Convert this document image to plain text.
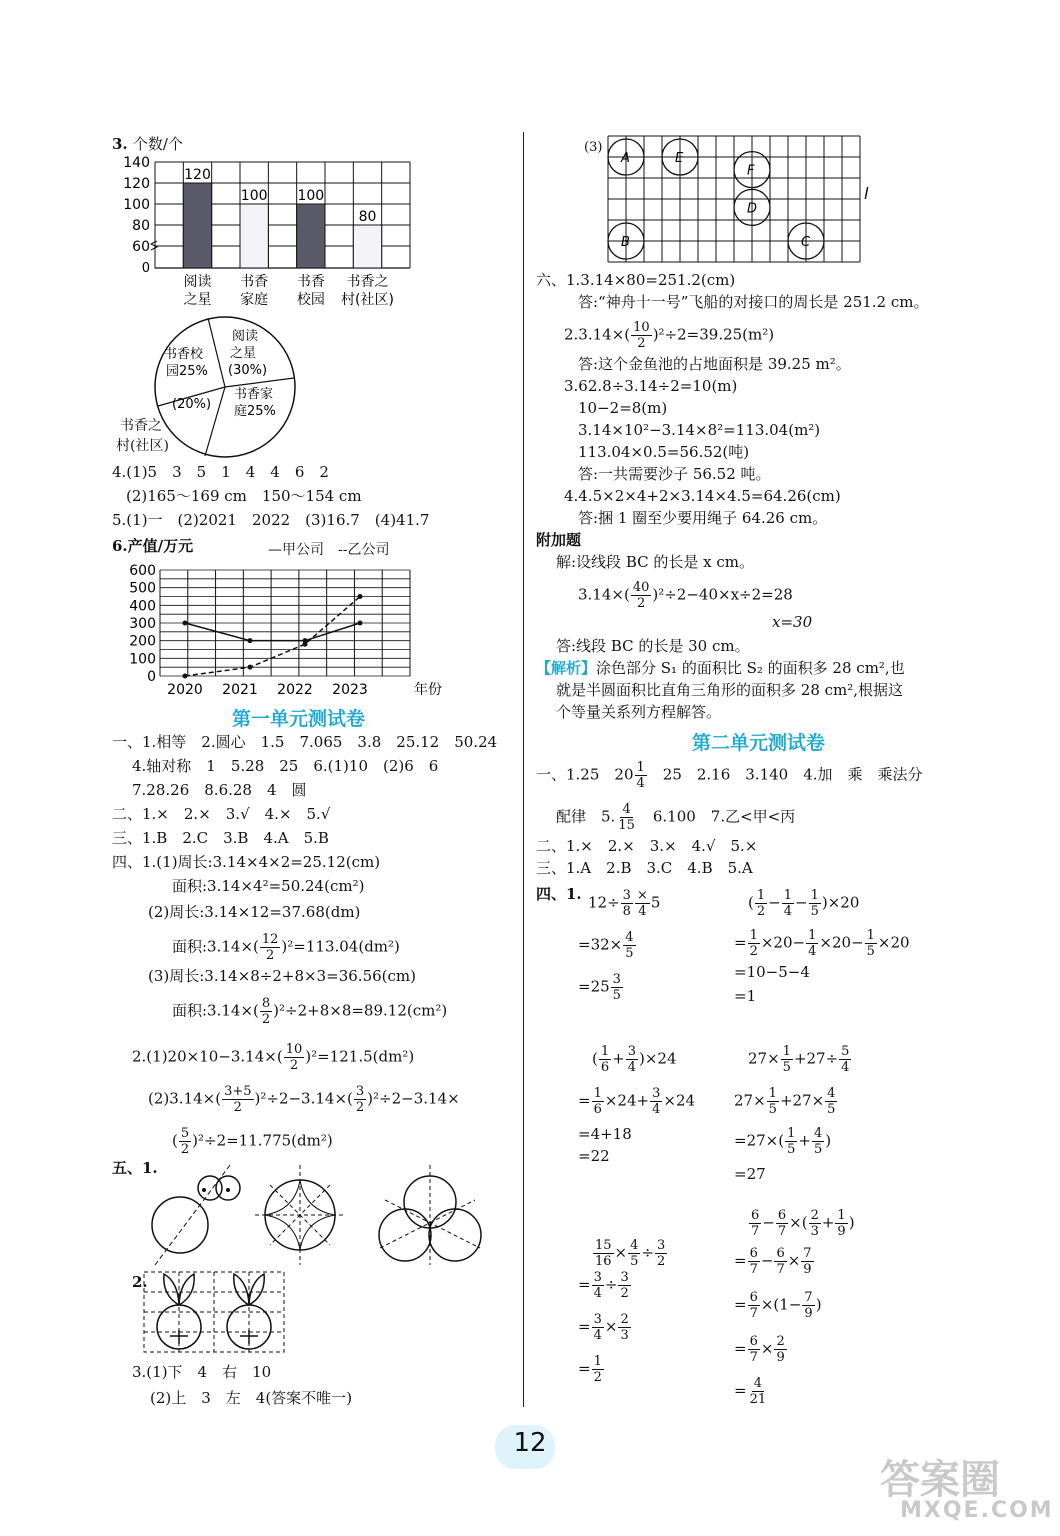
3. 个数/个
140
120
100
80
60
0
120
阅读
之星
100
书香
家庭
100
书香
校园
80
书香之
村(社区)
阅读
之星
(30%)
书香校
园25%
书香家
庭25%
(20%)
书香之
村(社区)
4.(1)5　3　5　1　4　4　6　2
(2)165～169 cm　150～154 cm
5.(1)一　(2)2021　2022　(3)16.7　(4)41.7
6.产值/万元	—甲公司　--乙公司
600
500
400
300
200
100
0
2020 2021 2022 2023	年份
第一单元测试卷
一、1.相等　2.圆心　1.5　7.065　3.8　25.12　50.24
4.轴对称　1　5.28　25　6.(1)10　(2)6　6
7.28.26　8.6.28　4　圆
二、1.×　2.×　3.√　4.×　5.√
三、1.B　2.C　3.B　4.A　5.B
四、1.(1)周长:3.14×4×2=25.12(cm)
面积:3.14×4²=50.24(cm²)
(2)周长:3.14×12=37.68(dm)
面积:3.14×( $\frac{12}{2} )^2=113.04(dm^2)$
(3)周长:3.14×8÷2+8×3=36.56(cm)
面积:3.14×( $\frac{8}{2} )^2\div 2+8\times 8=89.12(cm^2)$
$2.(1)20\times 10-3.14\times( \frac{10}{2} )^2=121.5(dm^2)$
$(2)3.14\times( \frac{3+5}{2} )^2\div 2-3.14\times( \frac{3}{2} )^2\div 2-3.14\times$
( $\frac{5}{2} )^2\div 2=11.775(dm^2)$
五、1.
2.
3.(1)下　4　右　10
(2)上　3　左　4(答案不唯一)
(3)
A	E
F
D
B	C
l
六、1.3.14×80=251.2(cm)
答:“神舟十一号”飞船的对接口的周长是 251.2 cm。
$2.3.14\times( \frac{10}{2} )^2\div 2=39.25(m^2)$
答:这个金鱼池的占地面积是 39.25 m²。
3.62.8÷3.14÷2=10(m)
10−2=8(m)
3.14×10²−3.14×8²=113.04(m²)
113.04×0.5=56.52(吨)
答:一共需要沙子 56.52 吨。
4.4.5×2×4+2×3.14×4.5=64.26(cm)
答:捆 1 圈至少要用绳子 64.26 cm。
附加题
解:设线段 BC 的长是 x cm。
$3.14\times( \frac{40}{2} )^2\div 2-40\times x\div 2=28$
x=30
答:线段 BC 的长是 30 cm。
【解析】涂色部分 S₁ 的面积比 S₂ 的面积多 28 cm²,也
就是半圆面积比直角三角形的面积多 28 cm²,根据这
个等量关系列方程解答。
第二单元测试卷
一、1.25　$20 \frac{1}{4}$ 　25　2.16　3.140　4.加　乘　乘法分
配律　5. $\frac{4}{15}$ 　6.100　7.乙<甲<丙
二、1.×　2.×　3.×　4.√　5.×
三、1.A　2.B　3.C　4.B　5.A
四、1. $12\div \frac{3}{8} \frac{\times}{4} 5$
$=32\times \frac{4}{5}$
$=25 \frac{3}{5}$
( $\frac{1}{2} - \frac{1}{4} - \frac{1}{5} )\times 20$
= $\frac{1}{2} \times 20- \frac{1}{4} \times 20- \frac{1}{5} \times 20$
=10−5−4
=1
( $\frac{1}{6} + \frac{3}{4} )\times 24$
= $\frac{1}{6} \times 24+ \frac{3}{4} \times 24$
=4+18
=22
$27\times \frac{1}{5} +27\div \frac{5}{4}$
$27\times \frac{1}{5} +27\times \frac{4}{5}$
$=27\times( \frac{1}{5} + \frac{4}{5}$ )
=27
$\frac{15}{16} \times \frac{4}{5} \div \frac{3}{2}$
= $\frac{3}{4} \div \frac{3}{2}$
= $\frac{3}{4} \times \frac{2}{3}$
= $\frac{1}{2}$
$\frac{6}{7} - \frac{6}{7}$ ×( $\frac{2}{3} + \frac{1}{9}$ )
= $\frac{6}{7} - \frac{6}{7} \times \frac{7}{9}$
= $\frac{6}{7} \times(1- \frac{7}{9}$ )
= $\frac{6}{7} \times \frac{2}{9}$
= $\frac{4}{21}$
12
答案圈
MXQE.COM
